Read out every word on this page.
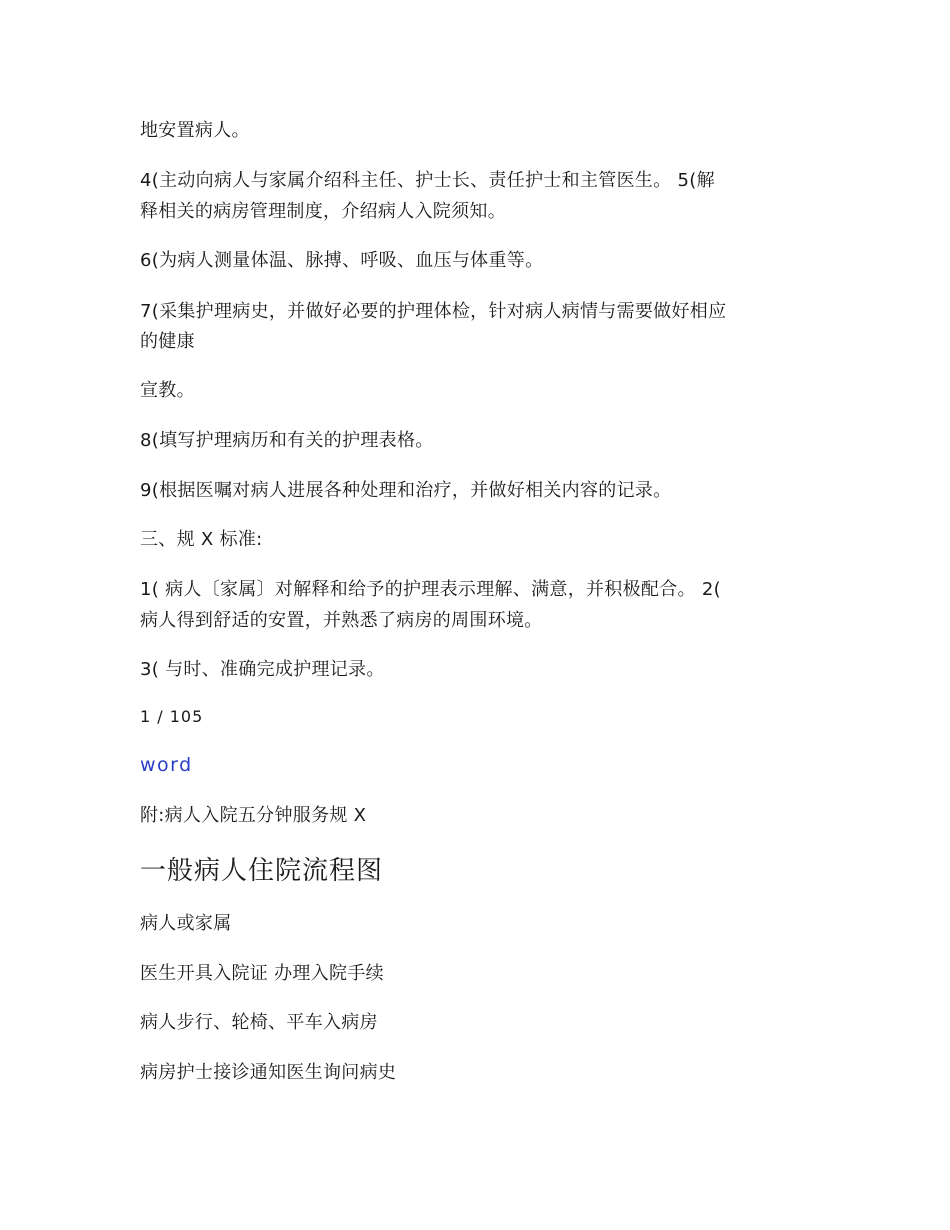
地安置病人。
4(主动向病人与家属介绍科主任、护士长、责任护士和主管医生。 5(解
释相关的病房管理制度，介绍病人入院须知。
6(为病人测量体温、脉搏、呼吸、血压与体重等。
7(采集护理病史，并做好必要的护理体检，针对病人病情与需要做好相应
的健康
宣教。
8(填写护理病历和有关的护理表格。
9(根据医嘱对病人进展各种处理和治疗，并做好相关内容的记录。
三、规 X 标准:
1( 病人〔家属〕对解释和给予的护理表示理解、满意，并积极配合。 2(
病人得到舒适的安置，并熟悉了病房的周围环境。
3( 与时、准确完成护理记录。
1 / 105
word
附:病人入院五分钟服务规 X
一般病人住院流程图
病人或家属
医生开具入院证 办理入院手续
病人步行、轮椅、平车入病房
病房护士接诊通知医生询问病史
